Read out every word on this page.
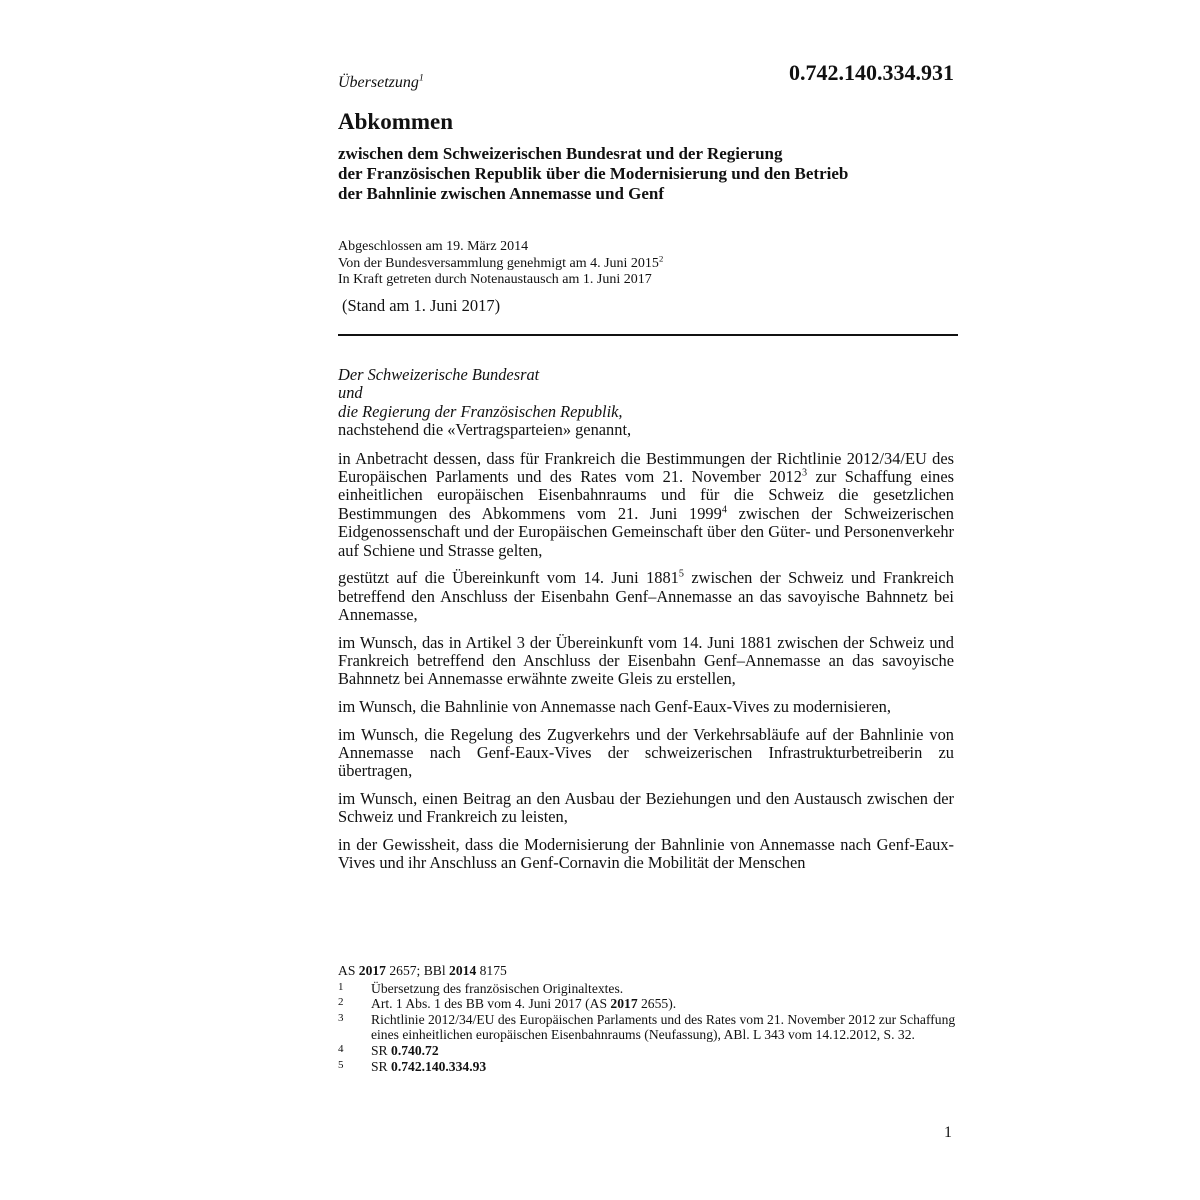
0.742.140.334.931
Übersetzung$^1$
Abkommen
zwischen dem Schweizerischen Bundesrat und der Regierung
der Französischen Republik über die Modernisierung und den Betrieb
der Bahnlinie zwischen Annemasse und Genf
Abgeschlossen am 19. März 2014
Von der Bundesversammlung genehmigt am 4. Juni 2015$^2$
In Kraft getreten durch Notenaustausch am 1. Juni 2017
(Stand am 1. Juni 2017)
Der Schweizerische Bundesrat
und
die Regierung der Französischen Republik,
nachstehend die «Vertragsparteien» genannt,

in Anbetracht dessen, dass für Frankreich die Bestimmungen der Richtlinie 2012/34/EU des Europäischen Parlaments und des Rates vom 21. November 2012$^3$ zur Schaffung eines einheitlichen europäischen Eisenbahnraums und für die Schweiz die gesetzlichen Bestimmungen des Abkommens vom 21. Juni 1999$^4$ zwischen der Schweizerischen Eidgenossenschaft und der Europäischen Gemeinschaft über den Güter- und Personenverkehr auf Schiene und Strasse gelten,

gestützt auf die Übereinkunft vom 14. Juni 1881$^5$ zwischen der Schweiz und Frankreich betreffend den Anschluss der Eisenbahn Genf–Annemasse an das savoyische Bahnnetz bei Annemasse,

im Wunsch, das in Artikel 3 der Übereinkunft vom 14. Juni 1881 zwischen der Schweiz und Frankreich betreffend den Anschluss der Eisenbahn Genf–Annemasse an das savoyische Bahnnetz bei Annemasse erwähnte zweite Gleis zu erstellen,

im Wunsch, die Bahnlinie von Annemasse nach Genf-Eaux-Vives zu modernisieren,

im Wunsch, die Regelung des Zugverkehrs und der Verkehrsabläufe auf der Bahnlinie von Annemasse nach Genf-Eaux-Vives der schweizerischen Infrastrukturbetreiberin zu übertragen,

im Wunsch, einen Beitrag an den Ausbau der Beziehungen und den Austausch zwischen der Schweiz und Frankreich zu leisten,

in der Gewissheit, dass die Modernisierung der Bahnlinie von Annemasse nach Genf-Eaux-Vives und ihr Anschluss an Genf-Cornavin die Mobilität der Menschen

AS 2017 2657; BBl 2014 8175
1	Übersetzung des französischen Originaltextes.
2	Art. 1 Abs. 1 des BB vom 4. Juni 2017 (AS 2017 2655).
3	Richtlinie 2012/34/EU des Europäischen Parlaments und des Rates vom 21. November 2012 zur Schaffung eines einheitlichen europäischen Eisenbahnraums (Neufassung), ABl. L 343 vom 14.12.2012, S. 32.
4	SR 0.740.72
5	SR 0.742.140.334.93
1
